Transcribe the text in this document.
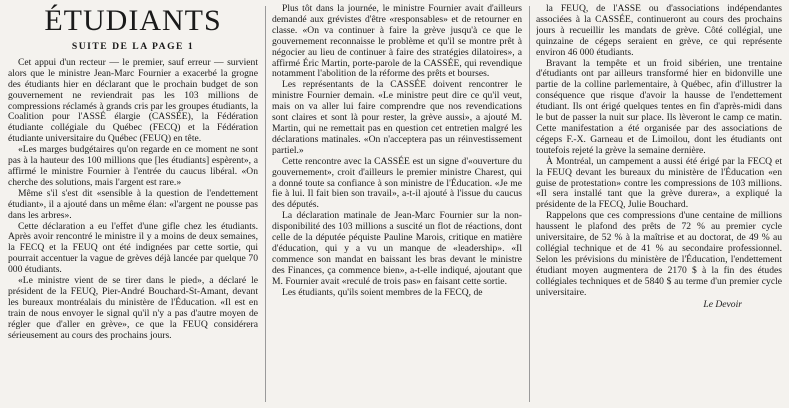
ÉTUDIANTS
SUITE DE LA PAGE 1

Cet appui d'un recteur — le premier, sauf erreur — survient alors que le ministre Jean-Marc Fournier a exacerbé la grogne des étudiants hier en déclarant que le prochain budget de son gouvernement ne reviendrait pas les 103 millions de compressions réclamés à grands cris par les groupes étudiants, la Coalition pour l'ASSÉ élargie (CASSÉE), la Fédération étudiante collégiale du Québec (FECQ) et la Fédération étudiante universitaire du Québec (FEUQ) en tête.

«Les marges budgétaires qu'on regarde en ce moment ne sont pas à la hauteur des 100 millions que [les étudiants] espèrent», a affirmé le ministre Fournier à l'entrée du caucus libéral. «On cherche des solutions, mais l'argent est rare.»

Même s'il s'est dit «sensible à la question de l'endettement étudiant», il a ajouté dans un même élan: «l'argent ne pousse pas dans les arbres».

Cette déclaration a eu l'effet d'une gifle chez les étudiants. Après avoir rencontré le ministre il y a moins de deux semaines, la FECQ et la FEUQ ont été indignées par cette sortie, qui pourrait accentuer la vague de grèves déjà lancée par quelque 70 000 étudiants.

«Le ministre vient de se tirer dans le pied», a déclaré le président de la FEUQ, Pier-André Bouchard-St-Amant, devant les bureaux montréalais du ministère de l'Éducation. «Il est en train de nous envoyer le signal qu'il n'y a pas d'autre moyen de régler que d'aller en grève», ce que la FEUQ considérera sérieusement au cours des prochains jours.

Plus tôt dans la journée, le ministre Fournier avait d'ailleurs demandé aux grévistes d'être «responsables» et de retourner en classe. «On va continuer à faire la grève jusqu'à ce que le gouvernement reconnaisse le problème et qu'il se montre prêt à négocier au lieu de continuer à faire des stratégies dilatoires», a affirmé Éric Martin, porte-parole de la CASSÉE, qui revendique notamment l'abolition de la réforme des prêts et bourses.

Les représentants de la CASSÉE doivent rencontrer le ministre Fournier demain. «Le ministre peut dire ce qu'il veut, mais on va aller lui faire comprendre que nos revendications sont claires et sont là pour rester, la grève aussi», a ajouté M. Martin, qui ne remettait pas en question cet entretien malgré les déclarations matinales. «On n'acceptera pas un réinvestissement partiel.»

Cette rencontre avec la CASSÉE est un signe d'«ouverture du gouvernement», croit d'ailleurs le premier ministre Charest, qui a donné toute sa confiance à son ministre de l'Éducation. «Je me fie à lui. Il fait bien son travail», a-t-il ajouté à l'issue du caucus des députés.

La déclaration matinale de Jean-Marc Fournier sur la non-disponibilité des 103 millions a suscité un flot de réactions, dont celle de la députée péquiste Pauline Marois, critique en matière d'éducation, qui y a vu un manque de «leadership». «Il commence son mandat en baissant les bras devant le ministre des Finances, ça commence bien», a-t-elle indiqué, ajoutant que M. Fournier avait «reculé de trois pas» en faisant cette sortie.

Les étudiants, qu'ils soient membres de la FECQ, de

la FEUQ, de l'ASSÉ ou d'associations indépendantes associées à la CASSÉE, continueront au cours des prochains jours à recueillir les mandats de grève. Côté collégial, une quinzaine de cégeps seraient en grève, ce qui représente environ 46 000 étudiants.

Bravant la tempête et un froid sibérien, une trentaine d'étudiants ont par ailleurs transformé hier en bidonville une partie de la colline parlementaire, à Québec, afin d'illustrer la conséquence que risque d'avoir la hausse de l'endettement étudiant. Ils ont érigé quelques tentes en fin d'après-midi dans le but de passer la nuit sur place. Ils lèveront le camp ce matin. Cette manifestation a été organisée par des associations de cégeps F.-X. Garneau et de Limoilou, dont les étudiants ont toutefois rejeté la grève la semaine dernière.

À Montréal, un campement a aussi été érigé par la FECQ et la FEUQ devant les bureaux du ministère de l'Éducation «en guise de protestation» contre les compressions de 103 millions. «Il sera installé tant que la grève durera», a expliqué la présidente de la FECQ, Julie Bouchard.

Rappelons que ces compressions d'une centaine de millions haussent le plafond des prêts de 72 % au premier cycle universitaire, de 52 % à la maîtrise et au doctorat, de 49 % au collégial technique et de 41 % au secondaire professionnel. Selon les prévisions du ministère de l'Éducation, l'endettement étudiant moyen augmentera de 2170 $ à la fin des études collégiales techniques et de 5840 $ au terme d'un premier cycle universitaire.

Le Devoir
